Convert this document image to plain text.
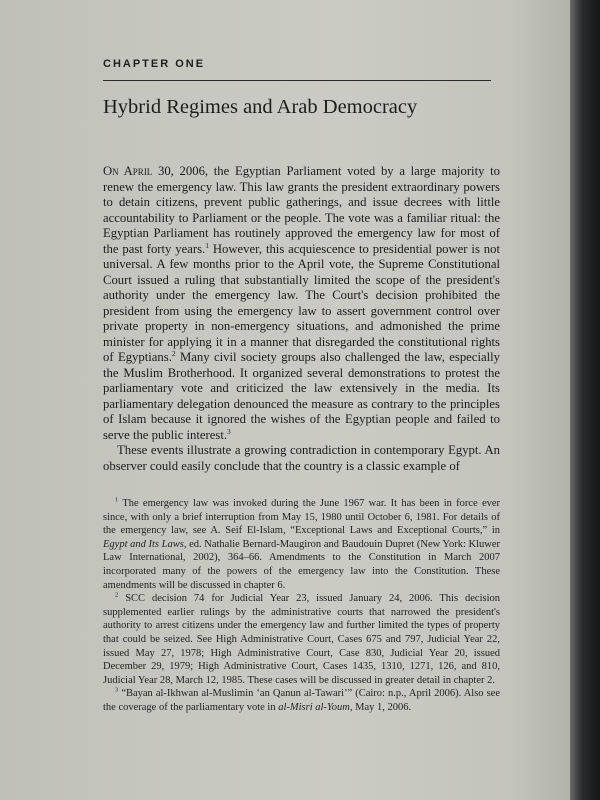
CHAPTER ONE
Hybrid Regimes and Arab Democracy

On April 30, 2006, the Egyptian Parliament voted by a large majority to renew the emergency law. This law grants the president extraordinary powers to detain citizens, prevent public gatherings, and issue decrees with little accountability to Parliament or the people. The vote was a familiar ritual: the Egyptian Parliament has routinely approved the emergency law for most of the past forty years.$^1$ However, this acquiescence to presidential power is not universal. A few months prior to the April vote, the Supreme Constitutional Court issued a ruling that substantially limited the scope of the president's authority under the emergency law. The Court's decision prohibited the president from using the emergency law to assert government control over private property in non-emergency situations, and admonished the prime minister for applying it in a manner that disregarded the constitutional rights of Egyptians.$^2$ Many civil society groups also challenged the law, especially the Muslim Brotherhood. It organized several demonstrations to protest the parliamentary vote and criticized the law extensively in the media. Its parliamentary delegation denounced the measure as contrary to the principles of Islam because it ignored the wishes of the Egyptian people and failed to serve the public interest.$^3$

These events illustrate a growing contradiction in contemporary Egypt. An observer could easily conclude that the country is a classic example of

$^1$ The emergency law was invoked during the June 1967 war. It has been in force ever since, with only a brief interruption from May 15, 1980 until October 6, 1981. For details of the emergency law, see A. Seif El-Islam, “Exceptional Laws and Exceptional Courts,” in Egypt and Its Laws, ed. Nathalie Bernard-Maugiron and Baudouin Dupret (New York: Kluwer Law International, 2002), 364–66. Amendments to the Constitution in March 2007 incorporated many of the powers of the emergency law into the Constitution. These amendments will be discussed in chapter 6.

$^2$ SCC decision 74 for Judicial Year 23, issued January 24, 2006. This decision supplemented earlier rulings by the administrative courts that narrowed the president's authority to arrest citizens under the emergency law and further limited the types of property that could be seized. See High Administrative Court, Cases 675 and 797, Judicial Year 22, issued May 27, 1978; High Administrative Court, Case 830, Judicial Year 20, issued December 29, 1979; High Administrative Court, Cases 1435, 1310, 1271, 126, and 810, Judicial Year 28, March 12, 1985. These cases will be discussed in greater detail in chapter 2.

$^3$ “Bayan al-Ikhwan al-Muslimin ‘an Qanun al-Tawari’” (Cairo: n.p., April 2006). Also see the coverage of the parliamentary vote in al-Misri al-Youm, May 1, 2006.
